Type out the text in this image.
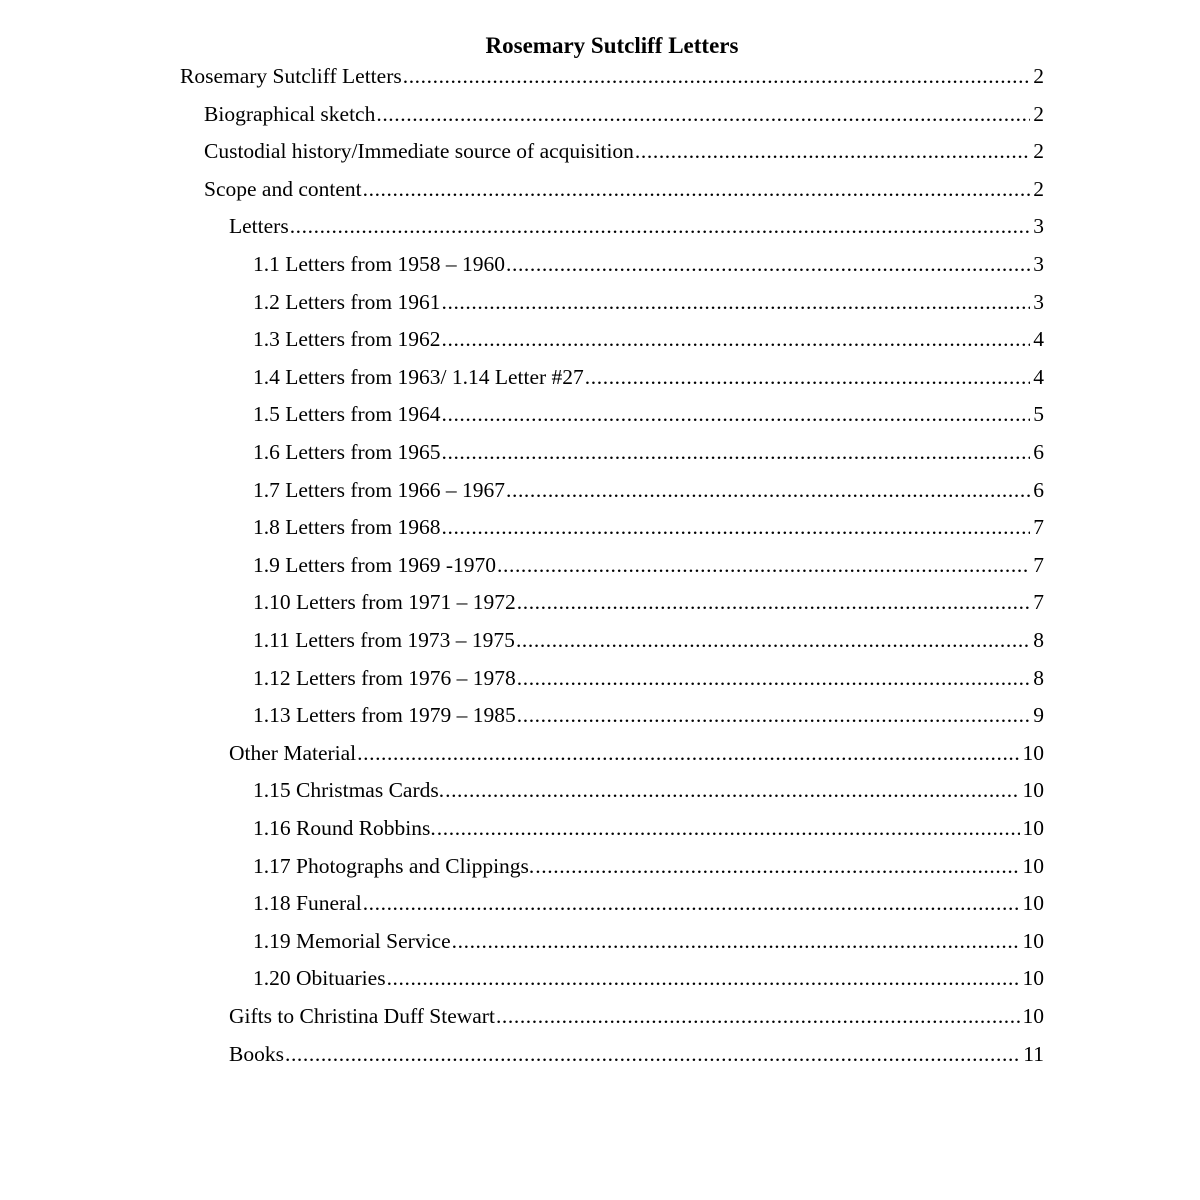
Rosemary Sutcliff Letters
Rosemary Sutcliff Letters .....	2
Biographical sketch .....	2
Custodial history/Immediate source of acquisition .....	2
Scope and content .....	2
Letters .....	3
1.1 Letters from 1958 – 1960 .....	3
1.2 Letters from 1961 .....	3
1.3 Letters from 1962 .....	4
1.4 Letters from 1963/ 1.14 Letter #27 .....	4
1.5 Letters from 1964 .....	5
1.6 Letters from 1965 .....	6
1.7 Letters from 1966 – 1967 .....	6
1.8 Letters from 1968 .....	7
1.9 Letters from 1969 -1970 .....	7
1.10 Letters from 1971 – 1972 .....	7
1.11 Letters from 1973 – 1975 .....	8
1.12 Letters from 1976 – 1978 .....	8
1.13 Letters from 1979 – 1985 .....	9
Other Material .....	10
1.15 Christmas Cards. .....	10
1.16 Round Robbins. .....	10
1.17 Photographs and Clippings. .....	10
1.18 Funeral .....	10
1.19 Memorial Service .....	10
1.20 Obituaries .....	10
Gifts to Christina Duff Stewart .....	10
Books .....	11
